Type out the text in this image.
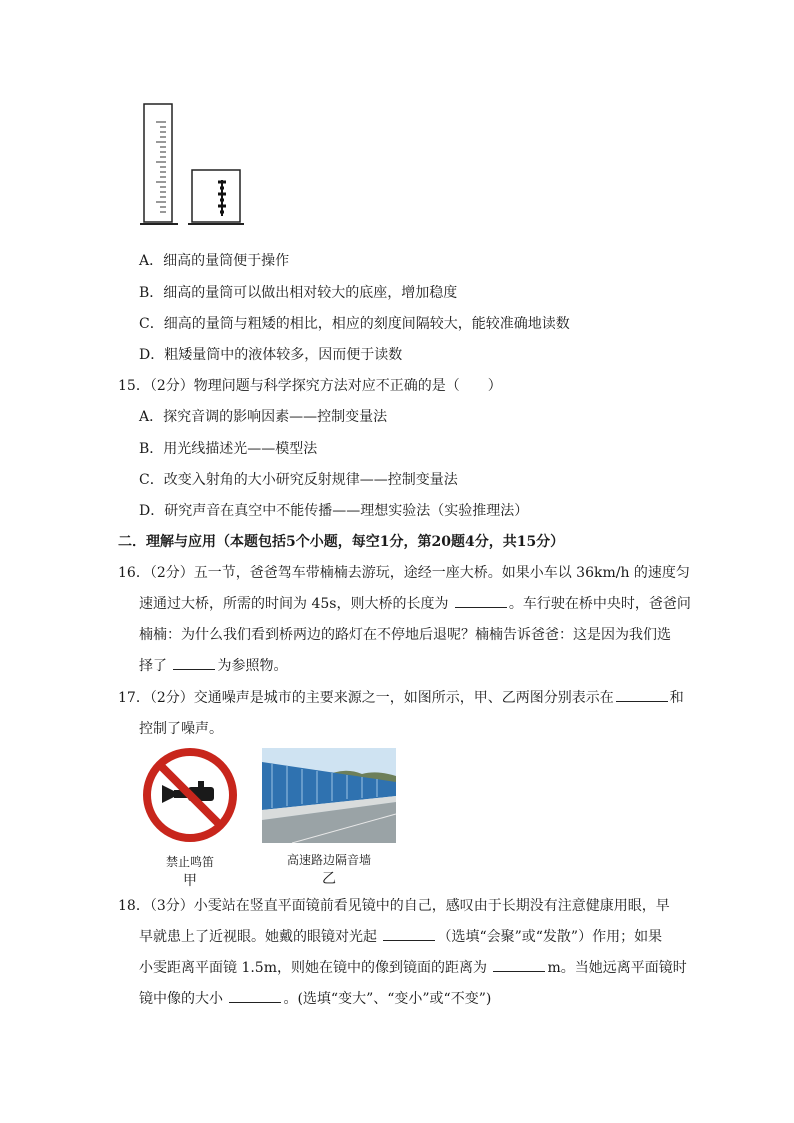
A．细高的量筒便于操作
B．细高的量筒可以做出相对较大的底座，增加稳度
C．细高的量筒与粗矮的相比，相应的刻度间隔较大，能较准确地读数
D．粗矮量筒中的液体较多，因而便于读数
15．（2分）物理问题与科学探究方法对应不正确的是（　　）
A．探究音调的影响因素——控制变量法
B．用光线描述光——模型法
C．改变入射角的大小研究反射规律——控制变量法
D．研究声音在真空中不能传播——理想实验法（实验推理法）
二．理解与应用（本题包括5个小题，每空1分，第20题4分，共15分）
16．（2分）五一节，爸爸驾车带楠楠去游玩，途经一座大桥。如果小车以 36km/h 的速度匀
速通过大桥，所需的时间为 45s，则大桥的长度为	。车行驶在桥中央时，爸爸问
楠楠：为什么我们看到桥两边的路灯在不停地后退呢？楠楠告诉爸爸：这是因为我们选
择了	为参照物。
17．（2分）交通噪声是城市的主要来源之一，如图所示，甲、乙两图分别表示在	和
控制了噪声。
禁止鸣笛
甲
高速路边隔音墙
乙
18．（3分）小雯站在竖直平面镜前看见镜中的自己，感叹由于长期没有注意健康用眼，早
早就患上了近视眼。她戴的眼镜对光起	（选填“会聚”或“发散”）作用；如果
小雯距离平面镜 1.5m，则她在镜中的像到镜面的距离为	m。当她远离平面镜时
镜中像的大小	。(选填“变大”、“变小”或“不变”)
